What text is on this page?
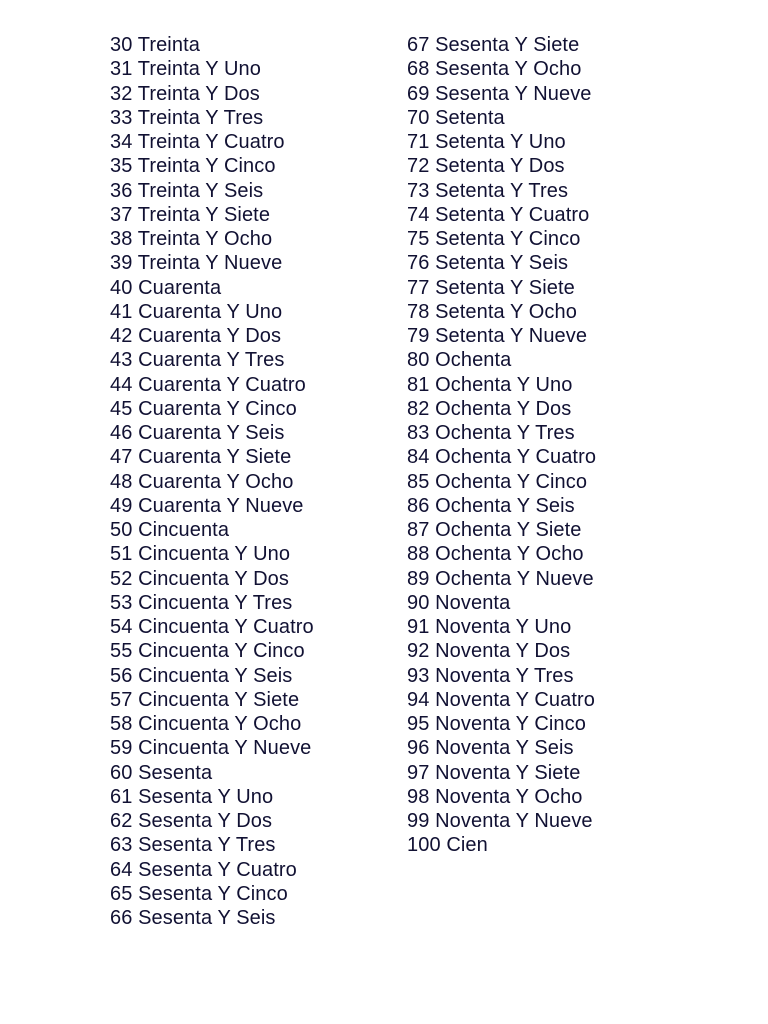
30 Treinta
31 Treinta Y Uno
32 Treinta Y Dos
33 Treinta Y Tres
34 Treinta Y Cuatro
35 Treinta Y Cinco
36 Treinta Y Seis
37 Treinta Y Siete
38 Treinta Y Ocho
39 Treinta Y Nueve
40 Cuarenta
41 Cuarenta Y Uno
42 Cuarenta Y Dos
43 Cuarenta Y Tres
44 Cuarenta Y Cuatro
45 Cuarenta Y Cinco
46 Cuarenta Y Seis
47 Cuarenta Y Siete
48 Cuarenta Y Ocho
49 Cuarenta Y Nueve
50 Cincuenta
51 Cincuenta Y Uno
52 Cincuenta Y Dos
53 Cincuenta Y Tres
54 Cincuenta Y Cuatro
55 Cincuenta Y Cinco
56 Cincuenta Y Seis
57 Cincuenta Y Siete
58 Cincuenta Y Ocho
59 Cincuenta Y Nueve
60 Sesenta
61 Sesenta Y Uno
62 Sesenta Y Dos
63 Sesenta Y Tres
64 Sesenta Y Cuatro
65 Sesenta Y Cinco
66 Sesenta Y Seis
67 Sesenta Y Siete
68 Sesenta Y Ocho
69 Sesenta Y Nueve
70 Setenta
71 Setenta Y Uno
72 Setenta Y Dos
73 Setenta Y Tres
74 Setenta Y Cuatro
75 Setenta Y Cinco
76 Setenta Y Seis
77 Setenta Y Siete
78 Setenta Y Ocho
79 Setenta Y Nueve
80 Ochenta
81 Ochenta Y Uno
82 Ochenta Y Dos
83 Ochenta Y Tres
84 Ochenta Y Cuatro
85 Ochenta Y Cinco
86 Ochenta Y Seis
87 Ochenta Y Siete
88 Ochenta Y Ocho
89 Ochenta Y Nueve
90 Noventa
91 Noventa Y Uno
92 Noventa Y Dos
93 Noventa Y Tres
94 Noventa Y Cuatro
95 Noventa Y Cinco
96 Noventa Y Seis
97 Noventa Y Siete
98 Noventa Y Ocho
99 Noventa Y Nueve
100 Cien
